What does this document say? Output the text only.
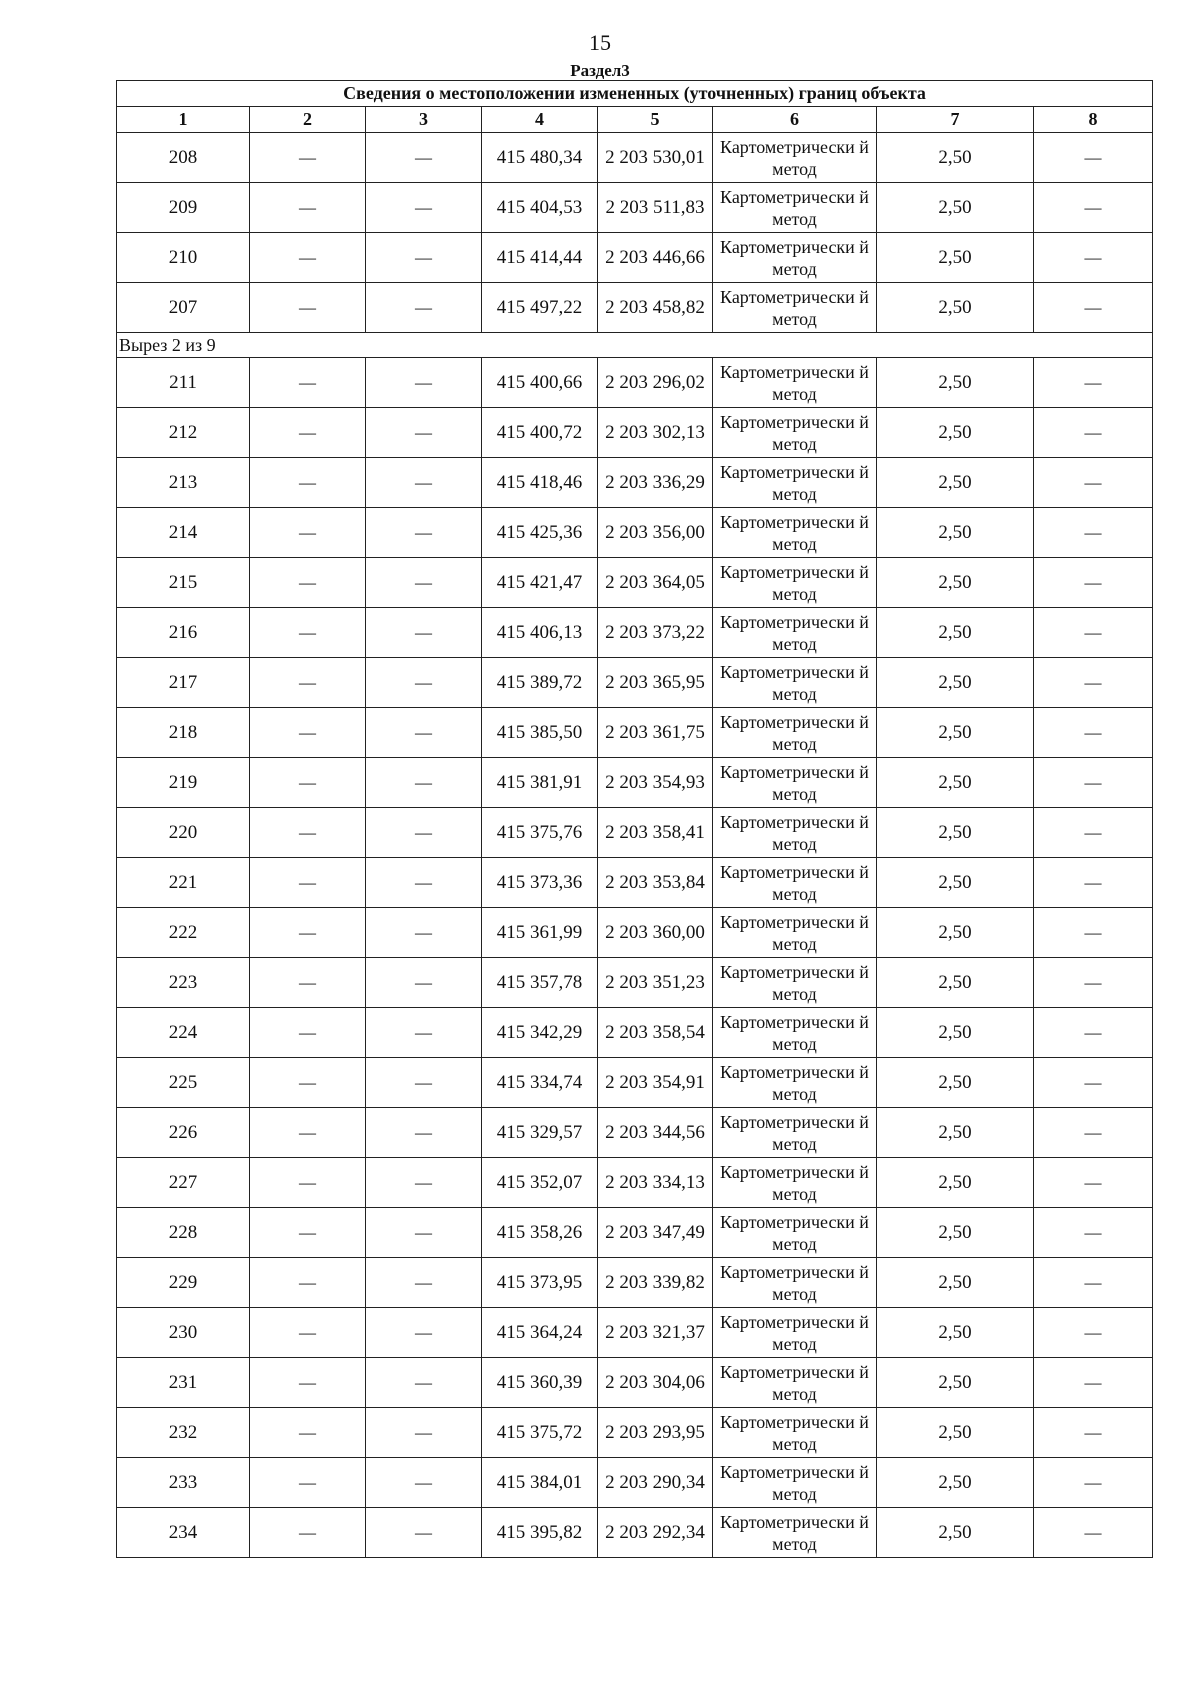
15
Раздел3
Сведения о местоположении измененных (уточненных) границ объекта							
1	2	3	4	5	6	7	8
208	—	—	415 480,34	2 203 530,01	Картометрически й метод	2,50	—
209	—	—	415 404,53	2 203 511,83	Картометрически й метод	2,50	—
210	—	—	415 414,44	2 203 446,66	Картометрически й метод	2,50	—
207	—	—	415 497,22	2 203 458,82	Картометрически й метод	2,50	—
Вырез 2 из 9							
211	—	—	415 400,66	2 203 296,02	Картометрически й метод	2,50	—
212	—	—	415 400,72	2 203 302,13	Картометрически й метод	2,50	—
213	—	—	415 418,46	2 203 336,29	Картометрически й метод	2,50	—
214	—	—	415 425,36	2 203 356,00	Картометрически й метод	2,50	—
215	—	—	415 421,47	2 203 364,05	Картометрически й метод	2,50	—
216	—	—	415 406,13	2 203 373,22	Картометрически й метод	2,50	—
217	—	—	415 389,72	2 203 365,95	Картометрически й метод	2,50	—
218	—	—	415 385,50	2 203 361,75	Картометрически й метод	2,50	—
219	—	—	415 381,91	2 203 354,93	Картометрически й метод	2,50	—
220	—	—	415 375,76	2 203 358,41	Картометрически й метод	2,50	—
221	—	—	415 373,36	2 203 353,84	Картометрически й метод	2,50	—
222	—	—	415 361,99	2 203 360,00	Картометрически й метод	2,50	—
223	—	—	415 357,78	2 203 351,23	Картометрически й метод	2,50	—
224	—	—	415 342,29	2 203 358,54	Картометрически й метод	2,50	—
225	—	—	415 334,74	2 203 354,91	Картометрически й метод	2,50	—
226	—	—	415 329,57	2 203 344,56	Картометрически й метод	2,50	—
227	—	—	415 352,07	2 203 334,13	Картометрически й метод	2,50	—
228	—	—	415 358,26	2 203 347,49	Картометрически й метод	2,50	—
229	—	—	415 373,95	2 203 339,82	Картометрически й метод	2,50	—
230	—	—	415 364,24	2 203 321,37	Картометрически й метод	2,50	—
231	—	—	415 360,39	2 203 304,06	Картометрически й метод	2,50	—
232	—	—	415 375,72	2 203 293,95	Картометрически й метод	2,50	—
233	—	—	415 384,01	2 203 290,34	Картометрически й метод	2,50	—
234	—	—	415 395,82	2 203 292,34	Картометрически й метод	2,50	—
